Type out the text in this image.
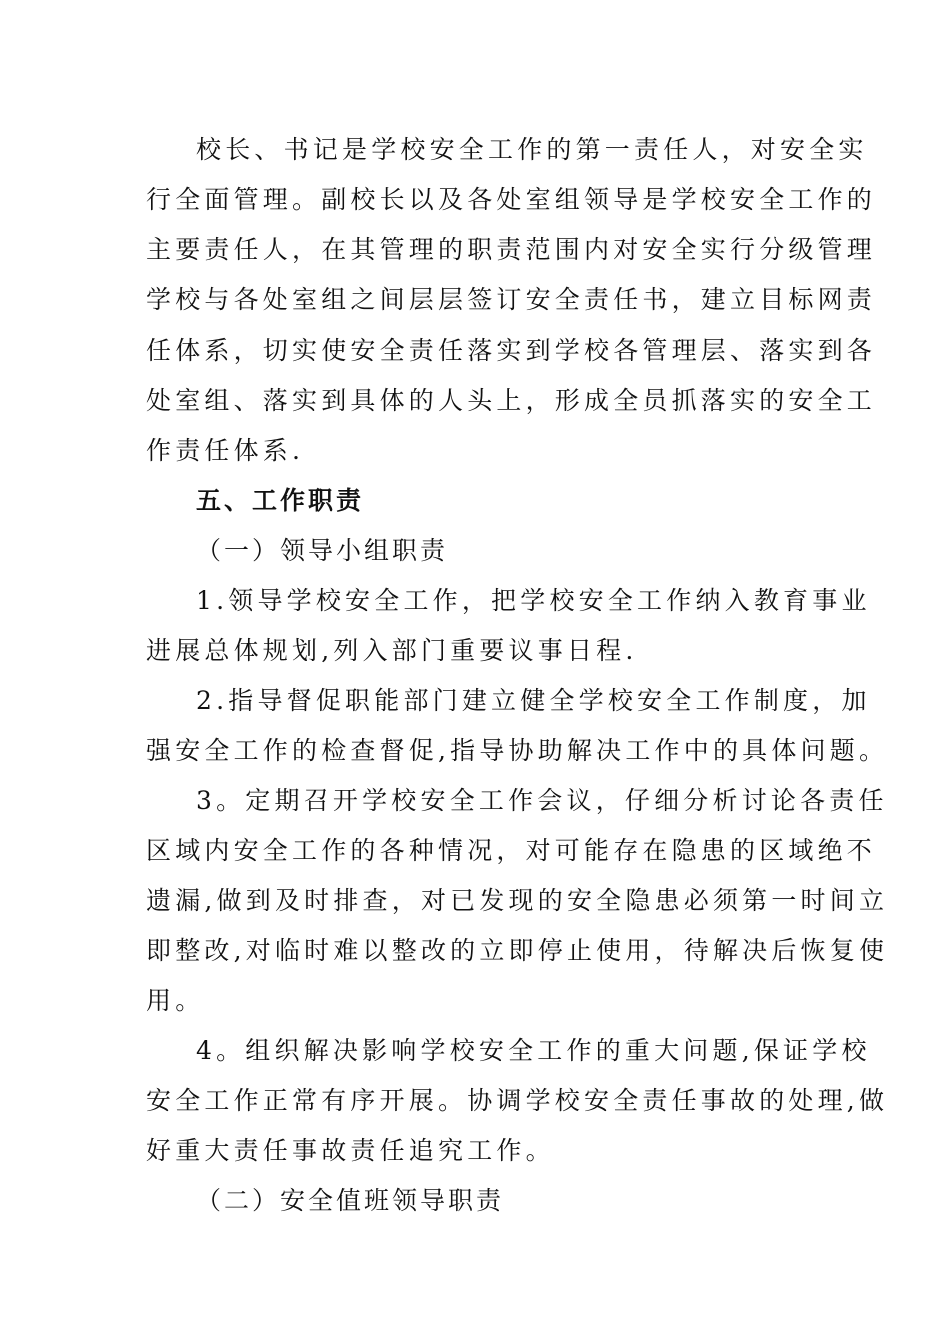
校长、书记是学校安全工作的第一责任人，对安全实
行全面管理。副校长以及各处室组领导是学校安全工作的
主要责任人，在其管理的职责范围内对安全实行分级管理
学校与各处室组之间层层签订安全责任书，建立目标网责
任体系，切实使安全责任落实到学校各管理层、落实到各
处室组、落实到具体的人头上，形成全员抓落实的安全工
作责任体系.
五、工作职责
（一）领导小组职责
1.领导学校安全工作，把学校安全工作纳入教育事业
进展总体规划,列入部门重要议事日程.
2.指导督促职能部门建立健全学校安全工作制度，加
强安全工作的检查督促,指导协助解决工作中的具体问题。
3。定期召开学校安全工作会议，仔细分析讨论各责任
区域内安全工作的各种情况，对可能存在隐患的区域绝不
遗漏,做到及时排查，对已发现的安全隐患必须第一时间立
即整改,对临时难以整改的立即停止使用，待解决后恢复使
用。
4。组织解决影响学校安全工作的重大问题,保证学校
安全工作正常有序开展。协调学校安全责任事故的处理,做
好重大责任事故责任追究工作。
（二）安全值班领导职责
